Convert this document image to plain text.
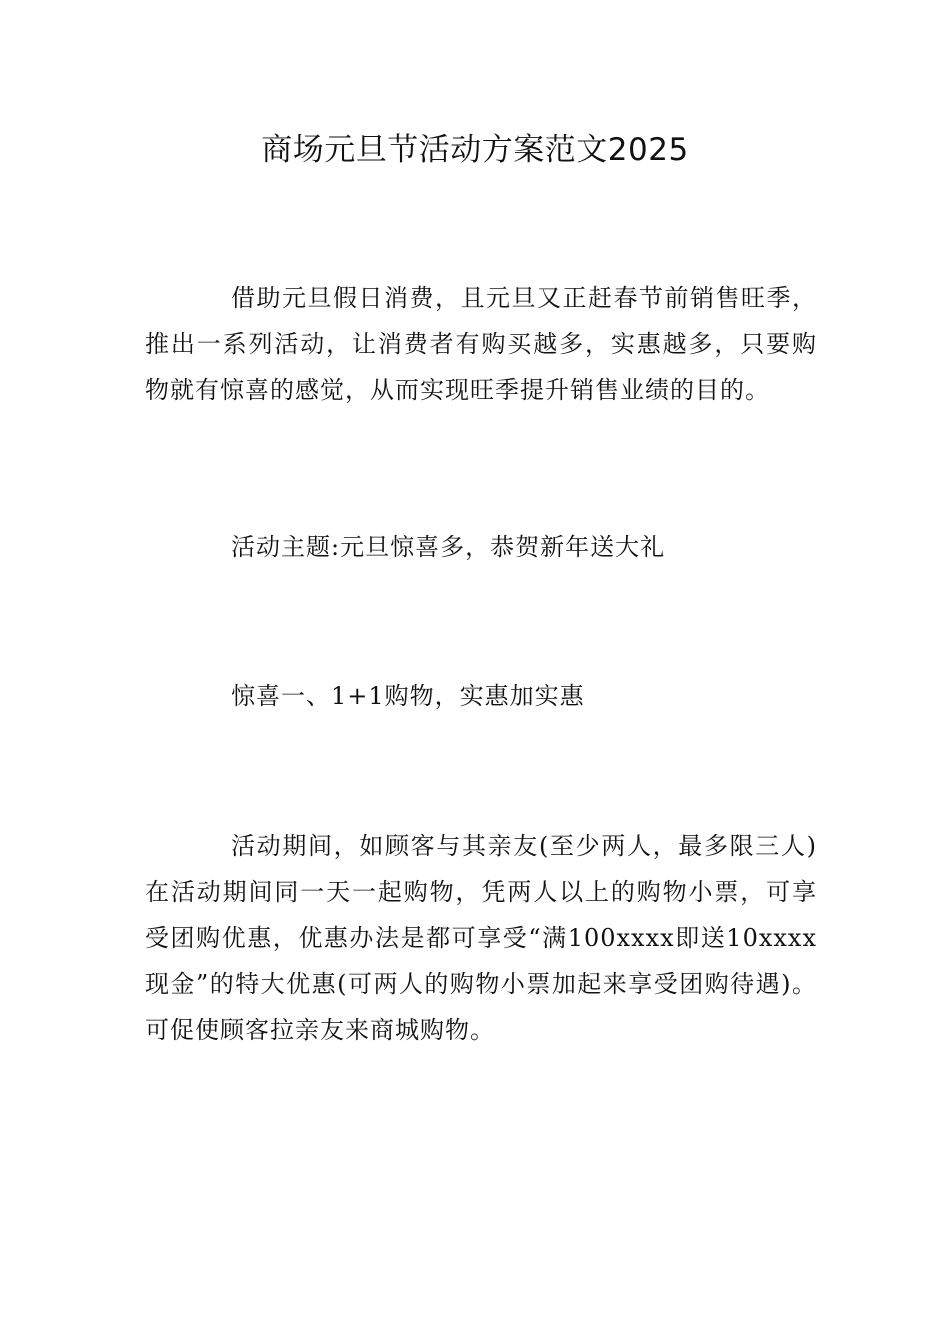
商场元旦节活动方案范文2025

借助元旦假日消费，且元旦又正赶春节前销售旺季，推出一系列活动，让消费者有购买越多，实惠越多，只要购物就有惊喜的感觉，从而实现旺季提升销售业绩的目的。

活动主题:元旦惊喜多，恭贺新年送大礼

惊喜一、1+1购物，实惠加实惠

活动期间，如顾客与其亲友(至少两人，最多限三人)在活动期间同一天一起购物，凭两人以上的购物小票，可享受团购优惠，优惠办法是都可享受“满100xxxx即送10xxxx现金”的特大优惠(可两人的购物小票加起来享受团购待遇)。可促使顾客拉亲友来商城购物。
